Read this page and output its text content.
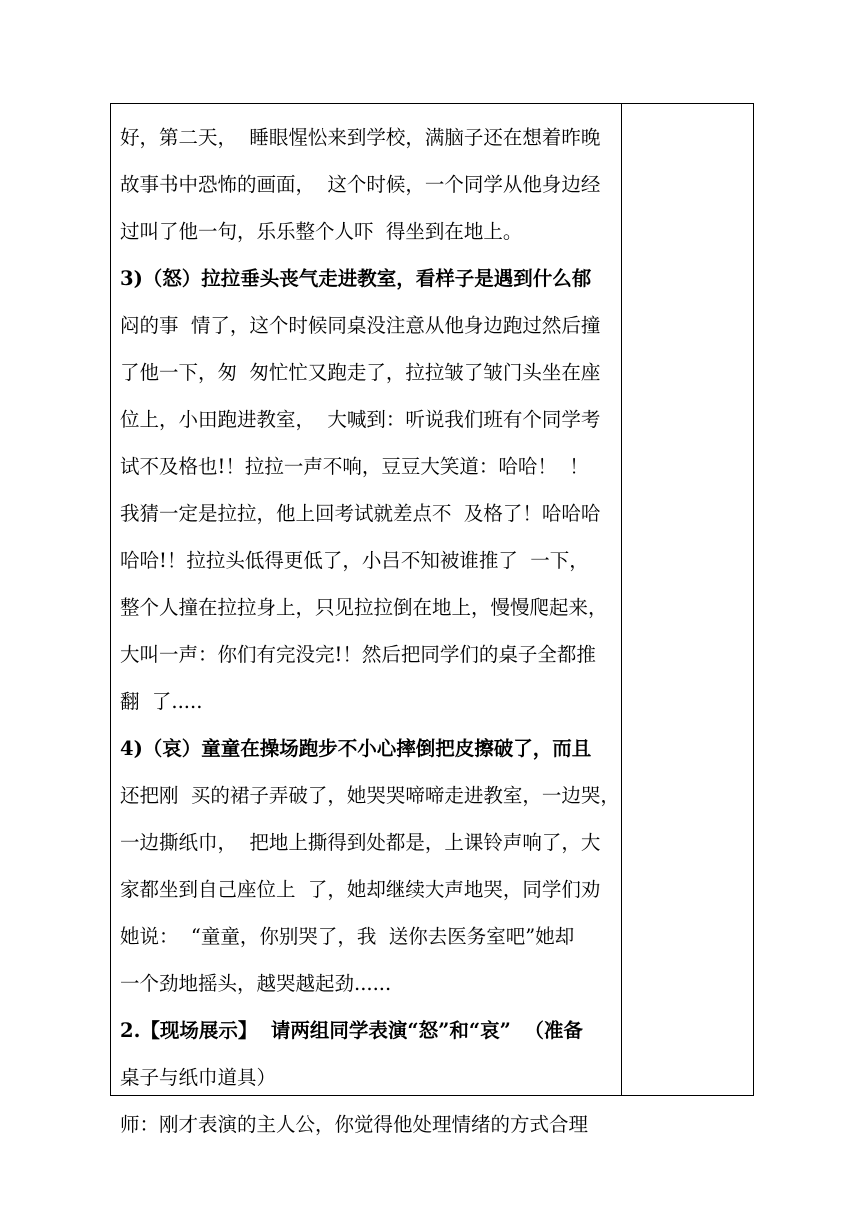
好，第二天，  睡眼惺忪来到学校，满脑子还在想着昨晚
故事书中恐怖的画面，  这个时候，一个同学从他身边经
过叫了他一句，乐乐整个人吓  得坐到在地上。
3)（怒）拉拉垂头丧气走进教室，看样子是遇到什么郁
闷的事  情了，这个时候同桌没注意从他身边跑过然后撞
了他一下，匆  匆忙忙又跑走了，拉拉皱了皱门头坐在座
位上，小田跑进教室，  大喊到：听说我们班有个同学考
试不及格也!！拉拉一声不响，豆豆大笑道：哈哈！  ！
我猜一定是拉拉，他上回考试就差点不  及格了！哈哈哈
哈哈!！拉拉头低得更低了，小吕不知被谁推了  一下，
整个人撞在拉拉身上，只见拉拉倒在地上，慢慢爬起来，
大叫一声：你们有完没完!！然后把同学们的桌子全都推
翻  了.....
4)（哀）童童在操场跑步不小心摔倒把皮擦破了，而且
还把刚  买的裙子弄破了，她哭哭啼啼走进教室，一边哭，
一边撕纸巾，  把地上撕得到处都是，上课铃声响了，大
家都坐到自己座位上  了，她却继续大声地哭，同学们劝
她说：  “童童，你别哭了，我  送你去医务室吧”她却
一个劲地摇头，越哭越起劲......
2.【现场展示】  请两组同学表演“怒”和“哀”  （准备
桌子与纸巾道具）
师：刚才表演的主人公，你觉得他处理情绪的方式合理
